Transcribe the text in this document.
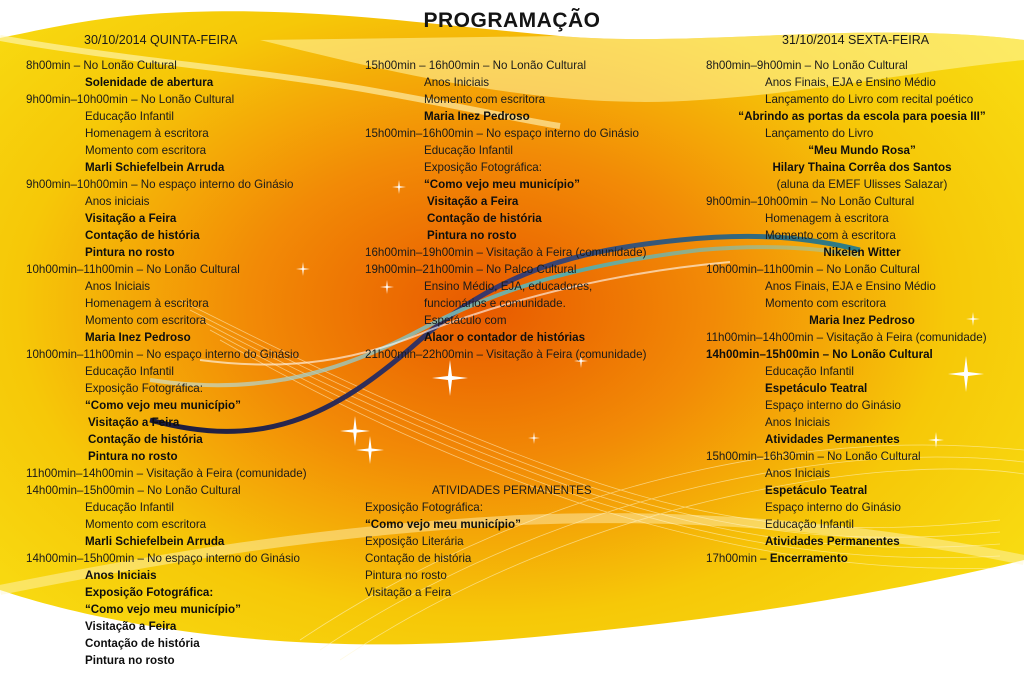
PROGRAMAÇÃO
30/10/2014 QUINTA-FEIRA	31/10/2014 SEXTA-FEIRA
8h00min – No Lonão Cultural
Solenidade de abertura
9h00min–10h00min – No Lonão Cultural
Educação Infantil
Homenagem à escritora
Momento com escritora
Marli Schiefelbein Arruda
9h00min–10h00min – No espaço interno do Ginásio
Anos iniciais
Visitação a Feira
Contação de história
Pintura no rosto
10h00min–11h00min – No Lonão Cultural
Anos Iniciais
Homenagem à escritora
Momento com escritora
Maria Inez Pedroso
10h00min–11h00min – No espaço interno do Ginásio
Educação Infantil
Exposição Fotográfica:
“Como vejo meu município”
Visitação a Feira
Contação de história
Pintura no rosto
11h00min–14h00min – Visitação à Feira (comunidade)
14h00min–15h00min – No Lonão Cultural
Educação Infantil
Momento com escritora
Marli Schiefelbein Arruda
14h00min–15h00min – No espaço interno do Ginásio
Anos Iniciais
Exposição Fotográfica:
“Como vejo meu município”
Visitação a Feira
Contação de história
Pintura no rosto
15h00min – 16h00min – No Lonão Cultural
Anos Iniciais
Momento com escritora
Maria Inez Pedroso
15h00min–16h00min – No espaço interno do Ginásio
Educação Infantil
Exposição Fotográfica:
“Como vejo meu município”
Visitação a Feira
Contação de história
Pintura no rosto
16h00min–19h00min – Visitação à Feira (comunidade)
19h00min–21h00min – No Palco Cultural
Ensino Médio, EJA, educadores,
funcionários e comunidade.
Espetáculo com
Alaor o contador de histórias
21h00min–22h00min – Visitação à Feira (comunidade)
ATIVIDADES PERMANENTES
Exposição Fotográfica:
“Como vejo meu município”
Exposição Literária
Contação de história
Pintura no rosto
Visitação a Feira
8h00min–9h00min – No Lonão Cultural
Anos Finais, EJA e Ensino Médio
Lançamento do Livro com recital poético
“Abrindo as portas da escola para poesia III”
Lançamento do Livro
“Meu Mundo Rosa”
Hilary Thaina Corrêa dos Santos
(aluna da EMEF Ulisses Salazar)
9h00min–10h00min – No Lonão Cultural
Homenagem à escritora
Momento com à escritora
Nikelen Witter
10h00min–11h00min – No Lonão Cultural
Anos Finais, EJA e Ensino Médio
Momento com escritora
Maria Inez Pedroso
11h00min–14h00min – Visitação à Feira (comunidade)
14h00min–15h00min – No Lonão Cultural
Educação Infantil
Espetáculo Teatral
Espaço interno do Ginásio
Anos Iniciais
Atividades Permanentes
15h00min–16h30min – No Lonão Cultural
Anos Iniciais
Espetáculo Teatral
Espaço interno do Ginásio
Educação Infantil
Atividades Permanentes
17h00min – Encerramento
